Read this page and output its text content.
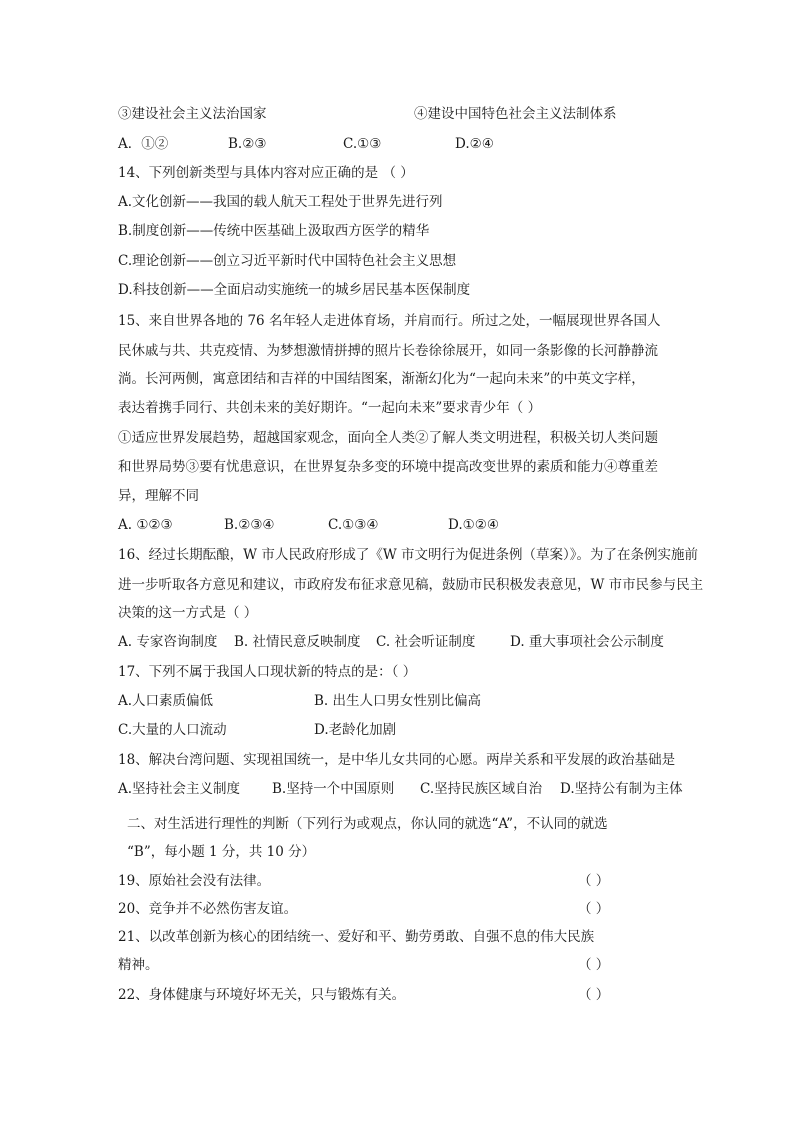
③建设社会主义法治国家	④建设中国特色社会主义法制体系
A．①②	B.②③	C.①③	D.②④
14、下列创新类型与具体内容对应正确的是 （ ）
A.文化创新——我国的载人航天工程处于世界先进行列
B.制度创新——传统中医基础上汲取西方医学的精华
C.理论创新——创立习近平新时代中国特色社会主义思想
D.科技创新——全面启动实施统一的城乡居民基本医保制度
15、来自世界各地的 76 名年轻人走进体育场，并肩而行。所过之处，一幅展现世界各国人
民休戚与共、共克疫情、为梦想激情拼搏的照片长卷徐徐展开，如同一条影像的长河静静流
淌。长河两侧，寓意团结和吉祥的中国结图案，渐渐幻化为“一起向未来”的中英文字样，
表达着携手同行、共创未来的美好期许。“一起向未来”要求青少年（ ）
①适应世界发展趋势，超越国家观念，面向全人类②了解人类文明进程，积极关切人类问题
和世界局势③要有忧患意识，在世界复杂多变的环境中提高改变世界的素质和能力④尊重差
异，理解不同
A. ①②③	B.②③④	C.①③④	D.①②④
16、经过长期酝酿，W 市人民政府形成了《W 市文明行为促进条例（草案）》。为了在条例实施前
进一步听取各方意见和建议，市政府发布征求意见稿，鼓励市民积极发表意见，W 市市民参与民主
决策的这一方式是（ ）
A. 专家咨询制度 B. 社情民意反映制度 C. 社会听证制度	D. 重大事项社会公示制度
17、下列不属于我国人口现状新的特点的是：（ ）
A.人口素质偏低	B. 出生人口男女性别比偏高
C.大量的人口流动	D.老龄化加剧
18、解决台湾问题、实现祖国统一，是中华儿女共同的心愿。两岸关系和平发展的政治基础是
A.坚持社会主义制度 B.坚持一个中国原则 C.坚持民族区域自治 D.坚持公有制为主体
二、对生活进行理性的判断（下列行为或观点，你认同的就选“A”，不认同的就选
“B”，每小题 1 分，共 10 分）
19、原始社会没有法律。	（ ）
20、竞争并不必然伤害友谊。	（ ）
21、以改革创新为核心的团结统一、爱好和平、勤劳勇敢、自强不息的伟大民族
精神。	（ ）
22、身体健康与环境好坏无关，只与锻炼有关。	（ ）
